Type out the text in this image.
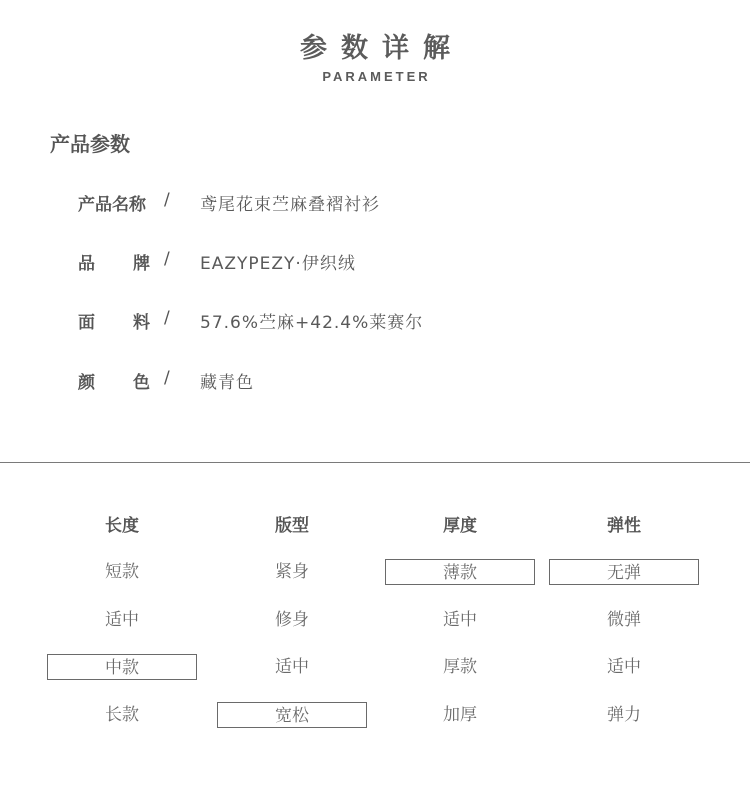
参数详解
PARAMETER
产品参数
产品名称 / 鸢尾花束苎麻叠褶衬衫
品 牌 / EAZYPEZY·伊织绒
面 料 / 57.6%苎麻+42.4%莱赛尔
颜 色 / 藏青色
长度
短款
适中
中款
长款
版型
紧身
修身
适中
宽松
厚度
薄款
适中
厚款
加厚
弹性
无弹
微弹
适中
弹力
